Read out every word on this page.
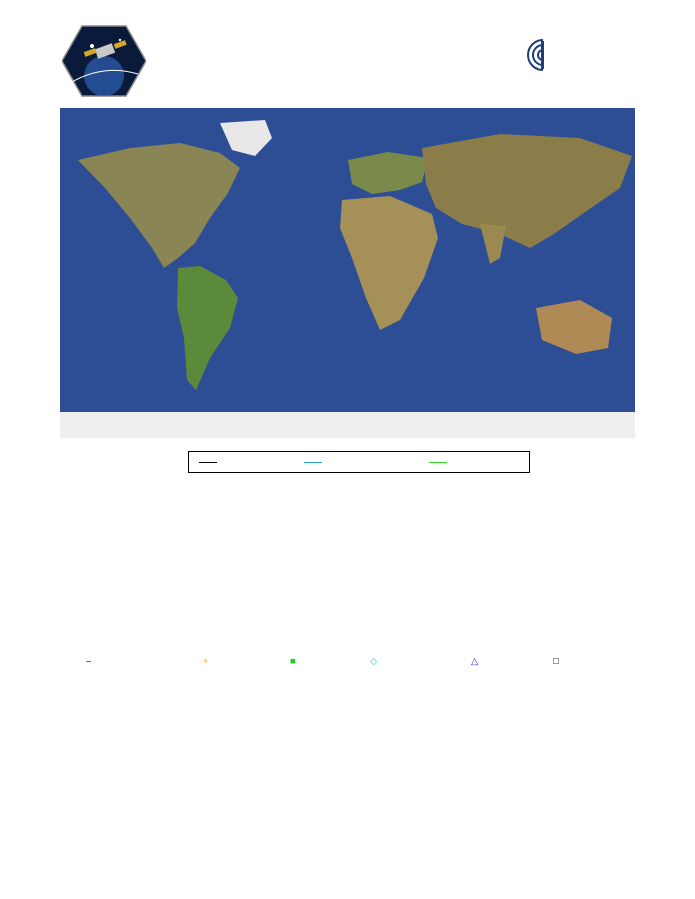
–	+	■	◇	△	□
